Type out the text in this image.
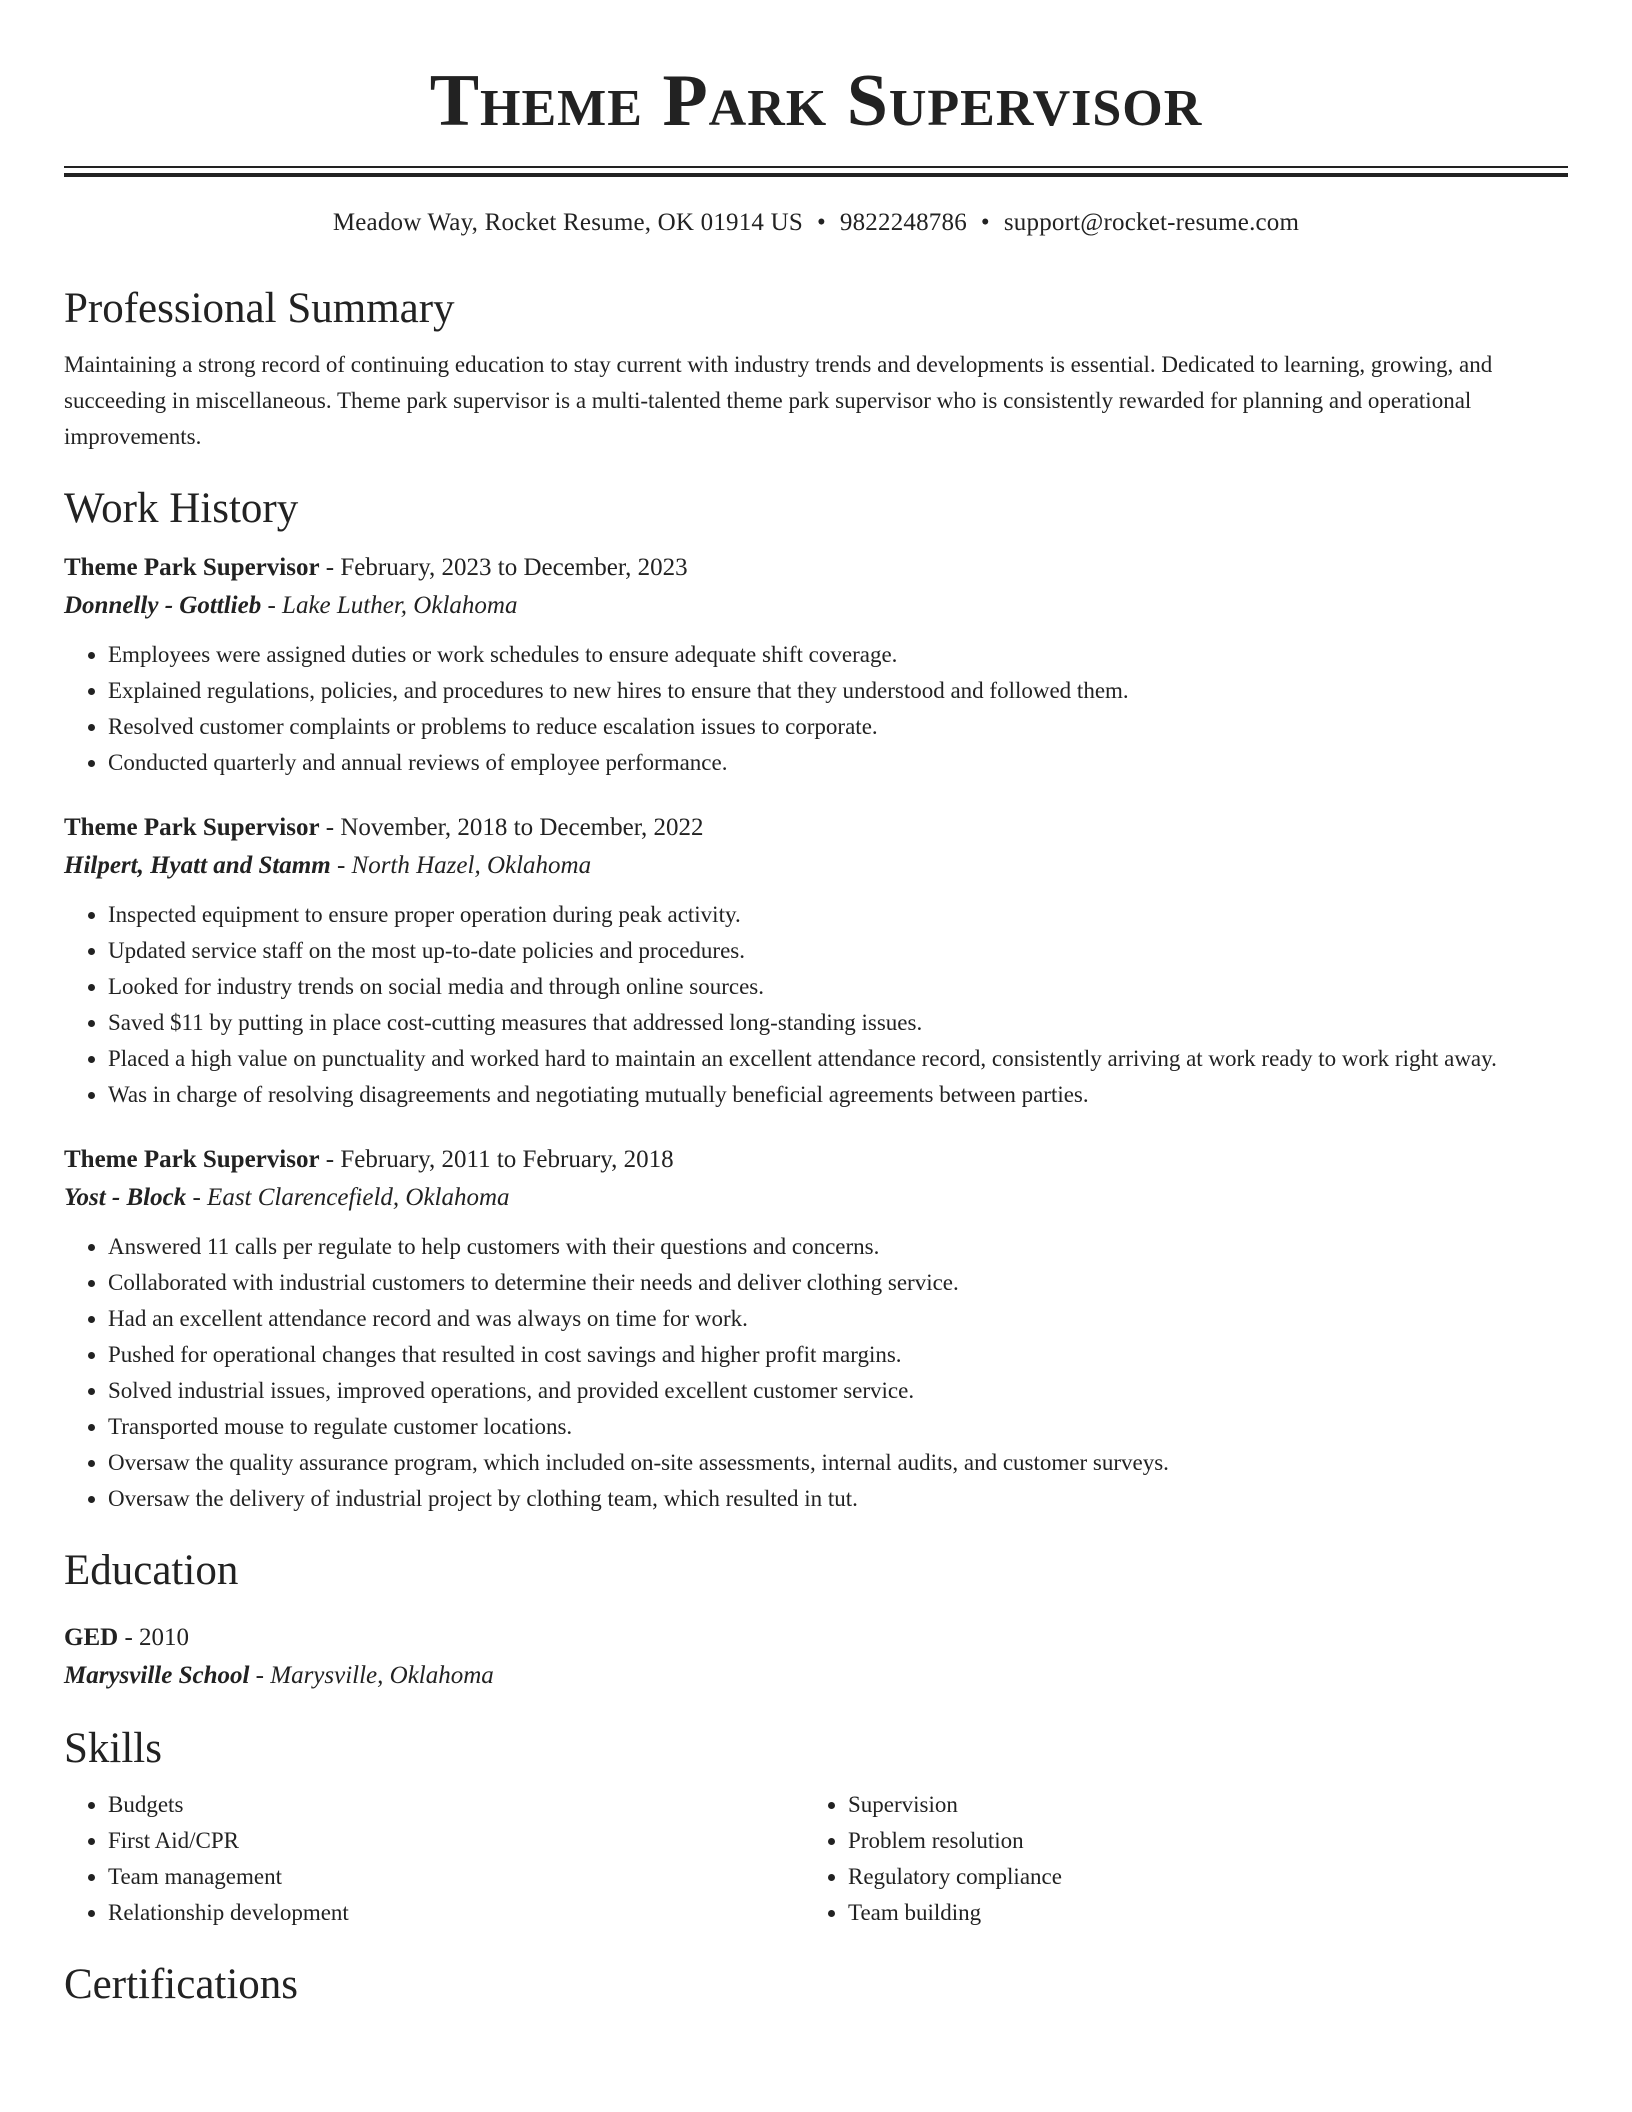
Theme Park Supervisor
Meadow Way, Rocket Resume, OK 01914 US • 9822248786 • support@rocket-resume.com
Professional Summary
Maintaining a strong record of continuing education to stay current with industry trends and developments is essential. Dedicated to learning, growing, and succeeding in miscellaneous. Theme park supervisor is a multi-talented theme park supervisor who is consistently rewarded for planning and operational improvements.
Work History
Theme Park Supervisor - February, 2023 to December, 2023
Donnelly - Gottlieb - Lake Luther, Oklahoma
• Employees were assigned duties or work schedules to ensure adequate shift coverage.
• Explained regulations, policies, and procedures to new hires to ensure that they understood and followed them.
• Resolved customer complaints or problems to reduce escalation issues to corporate.
• Conducted quarterly and annual reviews of employee performance.
Theme Park Supervisor - November, 2018 to December, 2022
Hilpert, Hyatt and Stamm - North Hazel, Oklahoma
• Inspected equipment to ensure proper operation during peak activity.
• Updated service staff on the most up-to-date policies and procedures.
• Looked for industry trends on social media and through online sources.
• Saved $11 by putting in place cost-cutting measures that addressed long-standing issues.
• Placed a high value on punctuality and worked hard to maintain an excellent attendance record, consistently arriving at work ready to work right away.
• Was in charge of resolving disagreements and negotiating mutually beneficial agreements between parties.
Theme Park Supervisor - February, 2011 to February, 2018
Yost - Block - East Clarencefield, Oklahoma
• Answered 11 calls per regulate to help customers with their questions and concerns.
• Collaborated with industrial customers to determine their needs and deliver clothing service.
• Had an excellent attendance record and was always on time for work.
• Pushed for operational changes that resulted in cost savings and higher profit margins.
• Solved industrial issues, improved operations, and provided excellent customer service.
• Transported mouse to regulate customer locations.
• Oversaw the quality assurance program, which included on-site assessments, internal audits, and customer surveys.
• Oversaw the delivery of industrial project by clothing team, which resulted in tut.
Education
GED - 2010
Marysville School - Marysville, Oklahoma
Skills
• Budgets
• First Aid/CPR
• Team management
• Relationship development
• Supervision
• Problem resolution
• Regulatory compliance
• Team building
Certifications
